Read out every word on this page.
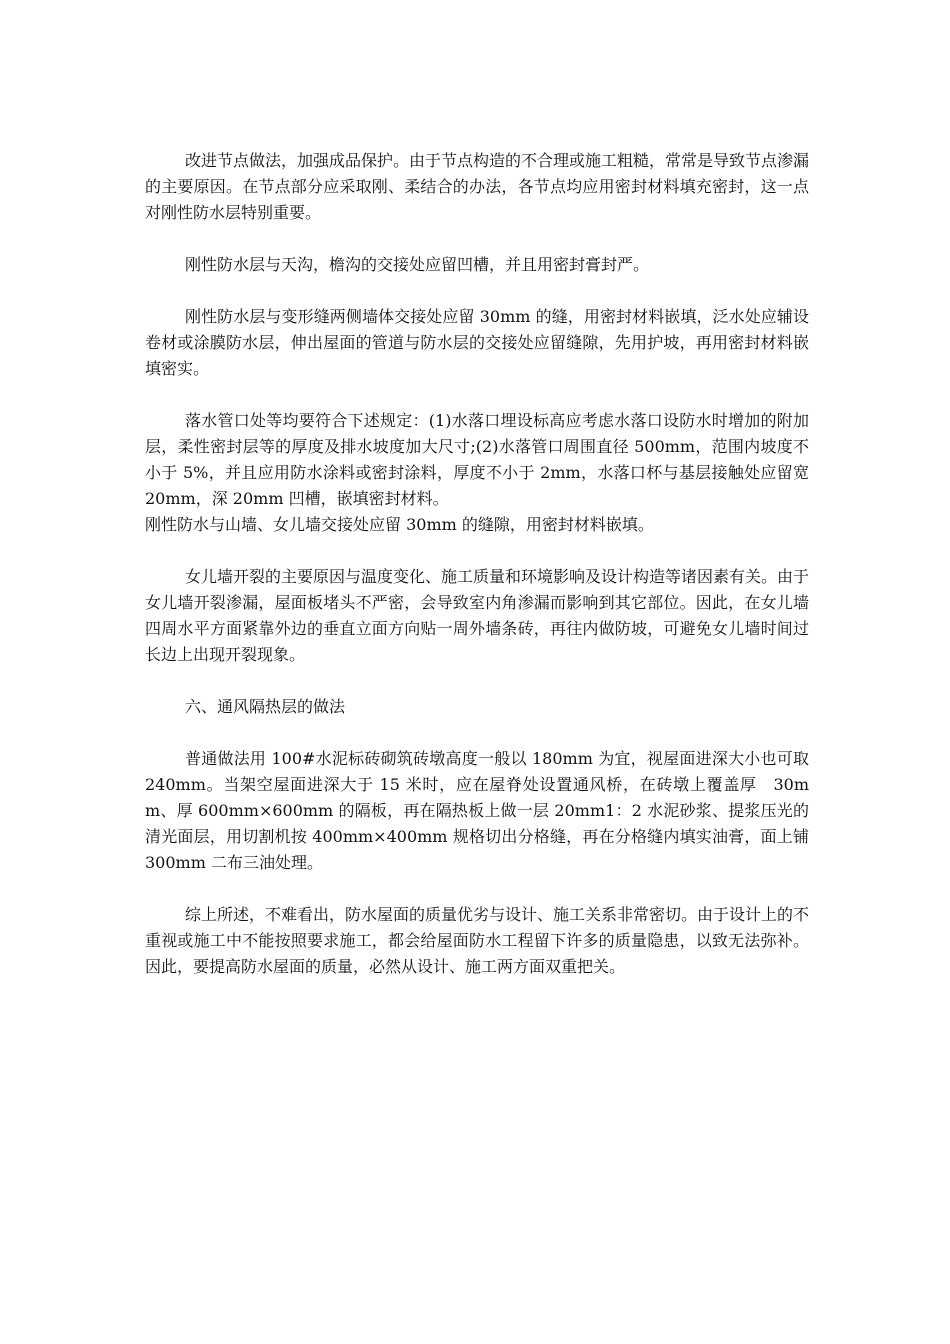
改进节点做法，加强成品保护。由于节点构造的不合理或施工粗糙，常常是导致节点渗漏的主要原因。在节点部分应采取刚、柔结合的办法，各节点均应用密封材料填充密封，这一点对刚性防水层特别重要。

刚性防水层与天沟，檐沟的交接处应留凹槽，并且用密封膏封严。

刚性防水层与变形缝两侧墙体交接处应留 30mm 的缝，用密封材料嵌填，泛水处应辅设卷材或涂膜防水层，伸出屋面的管道与防水层的交接处应留缝隙，先用护坡，再用密封材料嵌填密实。

落水管口处等均要符合下述规定：(1)水落口埋设标高应考虑水落口设防水时增加的附加层，柔性密封层等的厚度及排水坡度加大尺寸;(2)水落管口周围直径 500mm，范围内坡度不小于 5%，并且应用防水涂料或密封涂料，厚度不小于 2mm，水落口杯与基层接触处应留宽 20mm，深 20mm 凹槽，嵌填密封材料。

刚性防水与山墙、女儿墙交接处应留 30mm 的缝隙，用密封材料嵌填。

女儿墙开裂的主要原因与温度变化、施工质量和环境影响及设计构造等诸因素有关。由于女儿墙开裂渗漏，屋面板堵头不严密，会导致室内角渗漏而影响到其它部位。因此，在女儿墙四周水平方面紧靠外边的垂直立面方向贴一周外墙条砖，再往内做防坡，可避免女儿墙时间过长边上出现开裂现象。

六、通风隔热层的做法

普通做法用 100#水泥标砖砌筑砖墩高度一般以 180mm 为宜，视屋面进深大小也可取 240mm。当架空屋面进深大于 15 米时，应在屋脊处设置通风桥，在砖墩上覆盖厚　30mm、厚 600mm×600mm 的隔板，再在隔热板上做一层 20mm1：2 水泥砂浆、提浆压光的清光面层，用切割机按 400mm×400mm 规格切出分格缝，再在分格缝内填实油膏，面上铺 300mm 二布三油处理。

综上所述，不难看出，防水屋面的质量优劣与设计、施工关系非常密切。由于设计上的不重视或施工中不能按照要求施工，都会给屋面防水工程留下许多的质量隐患，以致无法弥补。因此，要提高防水屋面的质量，必然从设计、施工两方面双重把关。
